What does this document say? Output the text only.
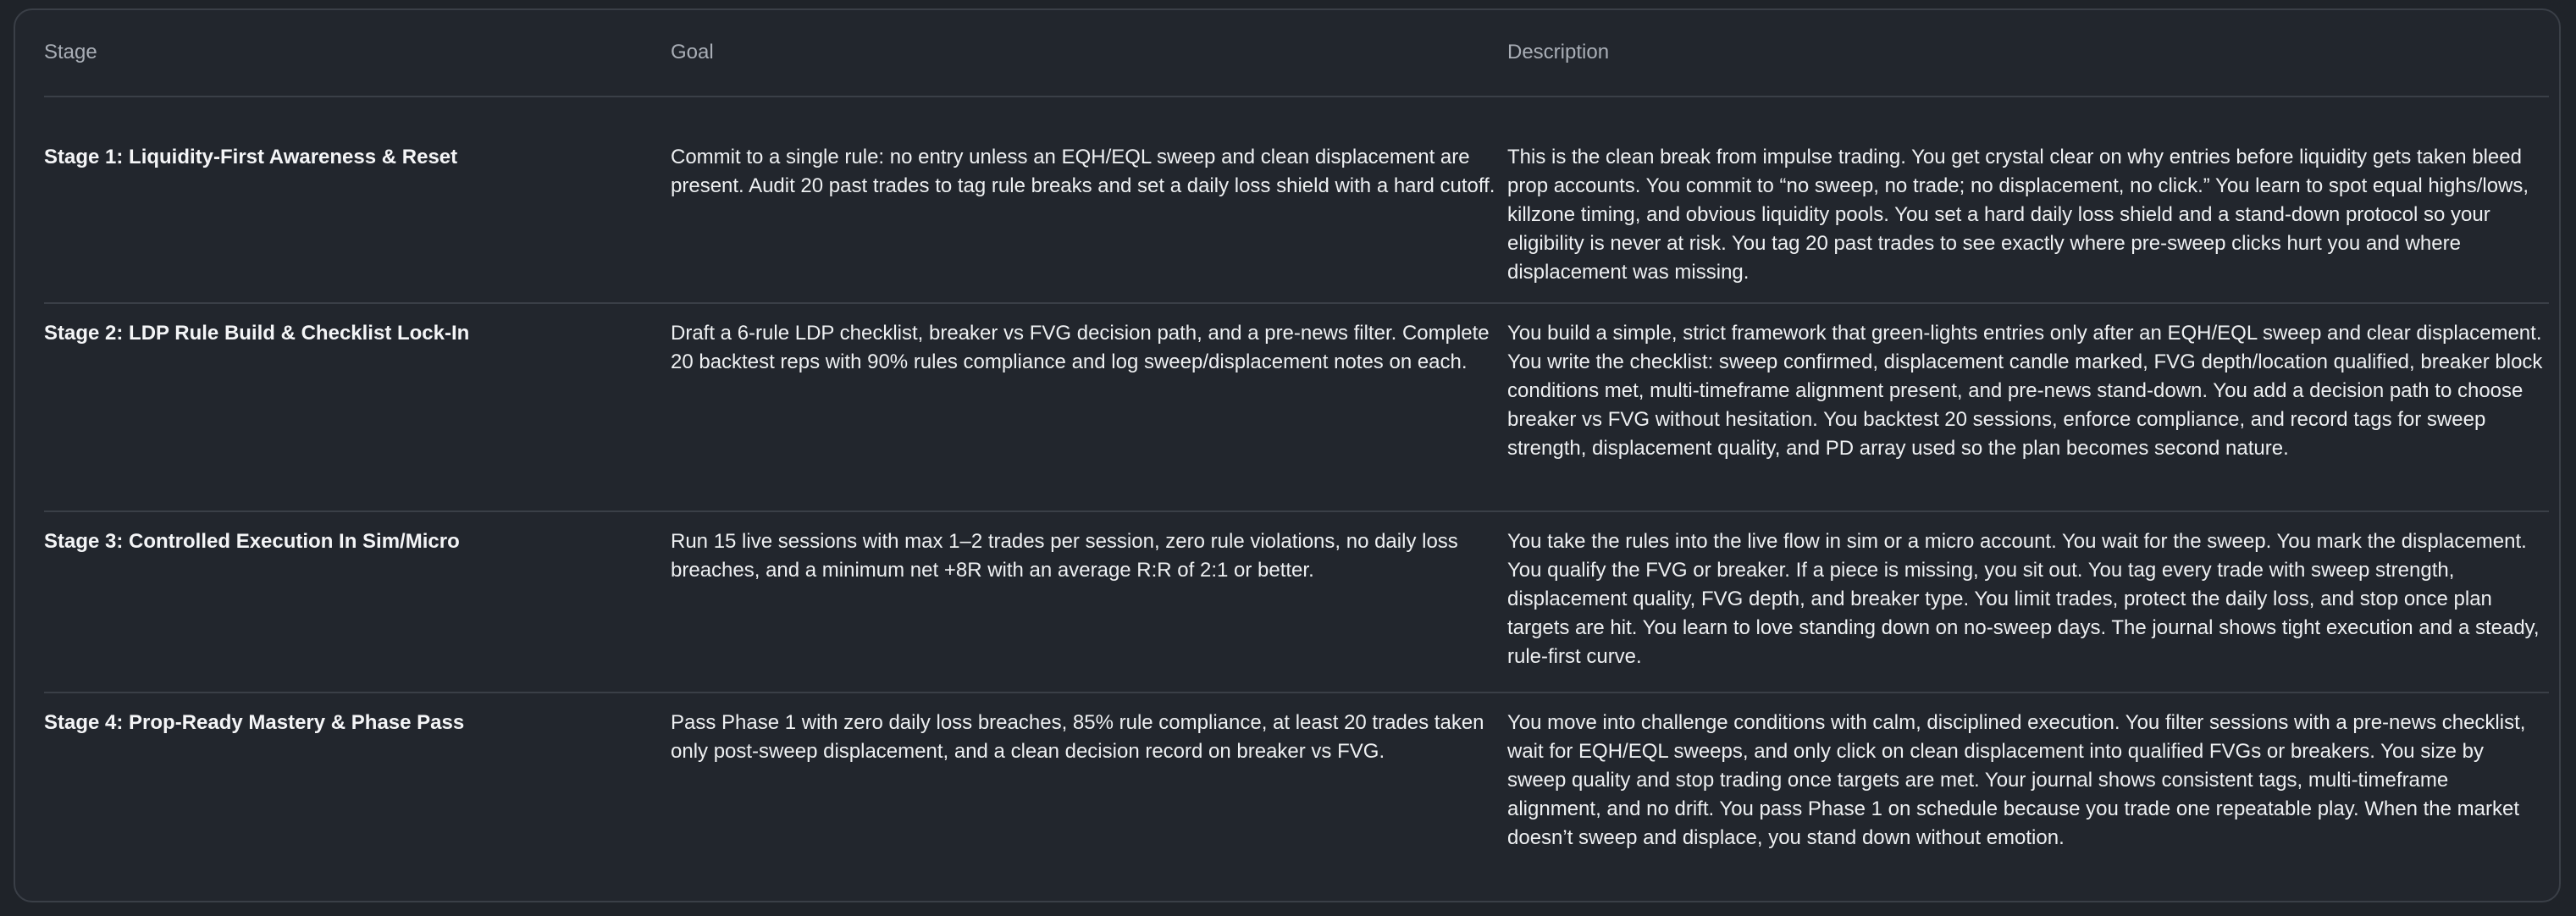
Stage	Goal	Description
Stage 1: Liquidity-First Awareness & Reset	Commit to a single rule: no entry unless an EQH/EQL sweep and clean displacement are present. Audit 20 past trades to tag rule breaks and set a daily loss shield with a hard cutoff.	This is the clean break from impulse trading. You get crystal clear on why entries before liquidity gets taken bleed prop accounts. You commit to “no sweep, no trade; no displacement, no click.” You learn to spot equal highs/lows, killzone timing, and obvious liquidity pools. You set a hard daily loss shield and a stand-down protocol so your eligibility is never at risk. You tag 20 past trades to see exactly where pre-sweep clicks hurt you and where displacement was missing.
Stage 2: LDP Rule Build & Checklist Lock-In	Draft a 6-rule LDP checklist, breaker vs FVG decision path, and a pre-news filter. Complete 20 backtest reps with 90% rules compliance and log sweep/displacement notes on each.	You build a simple, strict framework that green-lights entries only after an EQH/EQL sweep and clear displacement. You write the checklist: sweep confirmed, displacement candle marked, FVG depth/location qualified, breaker block conditions met, multi-timeframe alignment present, and pre-news stand-down. You add a decision path to choose breaker vs FVG without hesitation. You backtest 20 sessions, enforce compliance, and record tags for sweep strength, displacement quality, and PD array used so the plan becomes second nature.
Stage 3: Controlled Execution In Sim/Micro	Run 15 live sessions with max 1–2 trades per session, zero rule violations, no daily loss breaches, and a minimum net +8R with an average R:R of 2:1 or better.	You take the rules into the live flow in sim or a micro account. You wait for the sweep. You mark the displacement. You qualify the FVG or breaker. If a piece is missing, you sit out. You tag every trade with sweep strength, displacement quality, FVG depth, and breaker type. You limit trades, protect the daily loss, and stop once plan targets are hit. You learn to love standing down on no-sweep days. The journal shows tight execution and a steady, rule-first curve.
Stage 4: Prop-Ready Mastery & Phase Pass	Pass Phase 1 with zero daily loss breaches, 85% rule compliance, at least 20 trades taken only post-sweep displacement, and a clean decision record on breaker vs FVG.	You move into challenge conditions with calm, disciplined execution. You filter sessions with a pre-news checklist, wait for EQH/EQL sweeps, and only click on clean displacement into qualified FVGs or breakers. You size by sweep quality and stop trading once targets are met. Your journal shows consistent tags, multi-timeframe alignment, and no drift. You pass Phase 1 on schedule because you trade one repeatable play. When the market doesn’t sweep and displace, you stand down without emotion.
